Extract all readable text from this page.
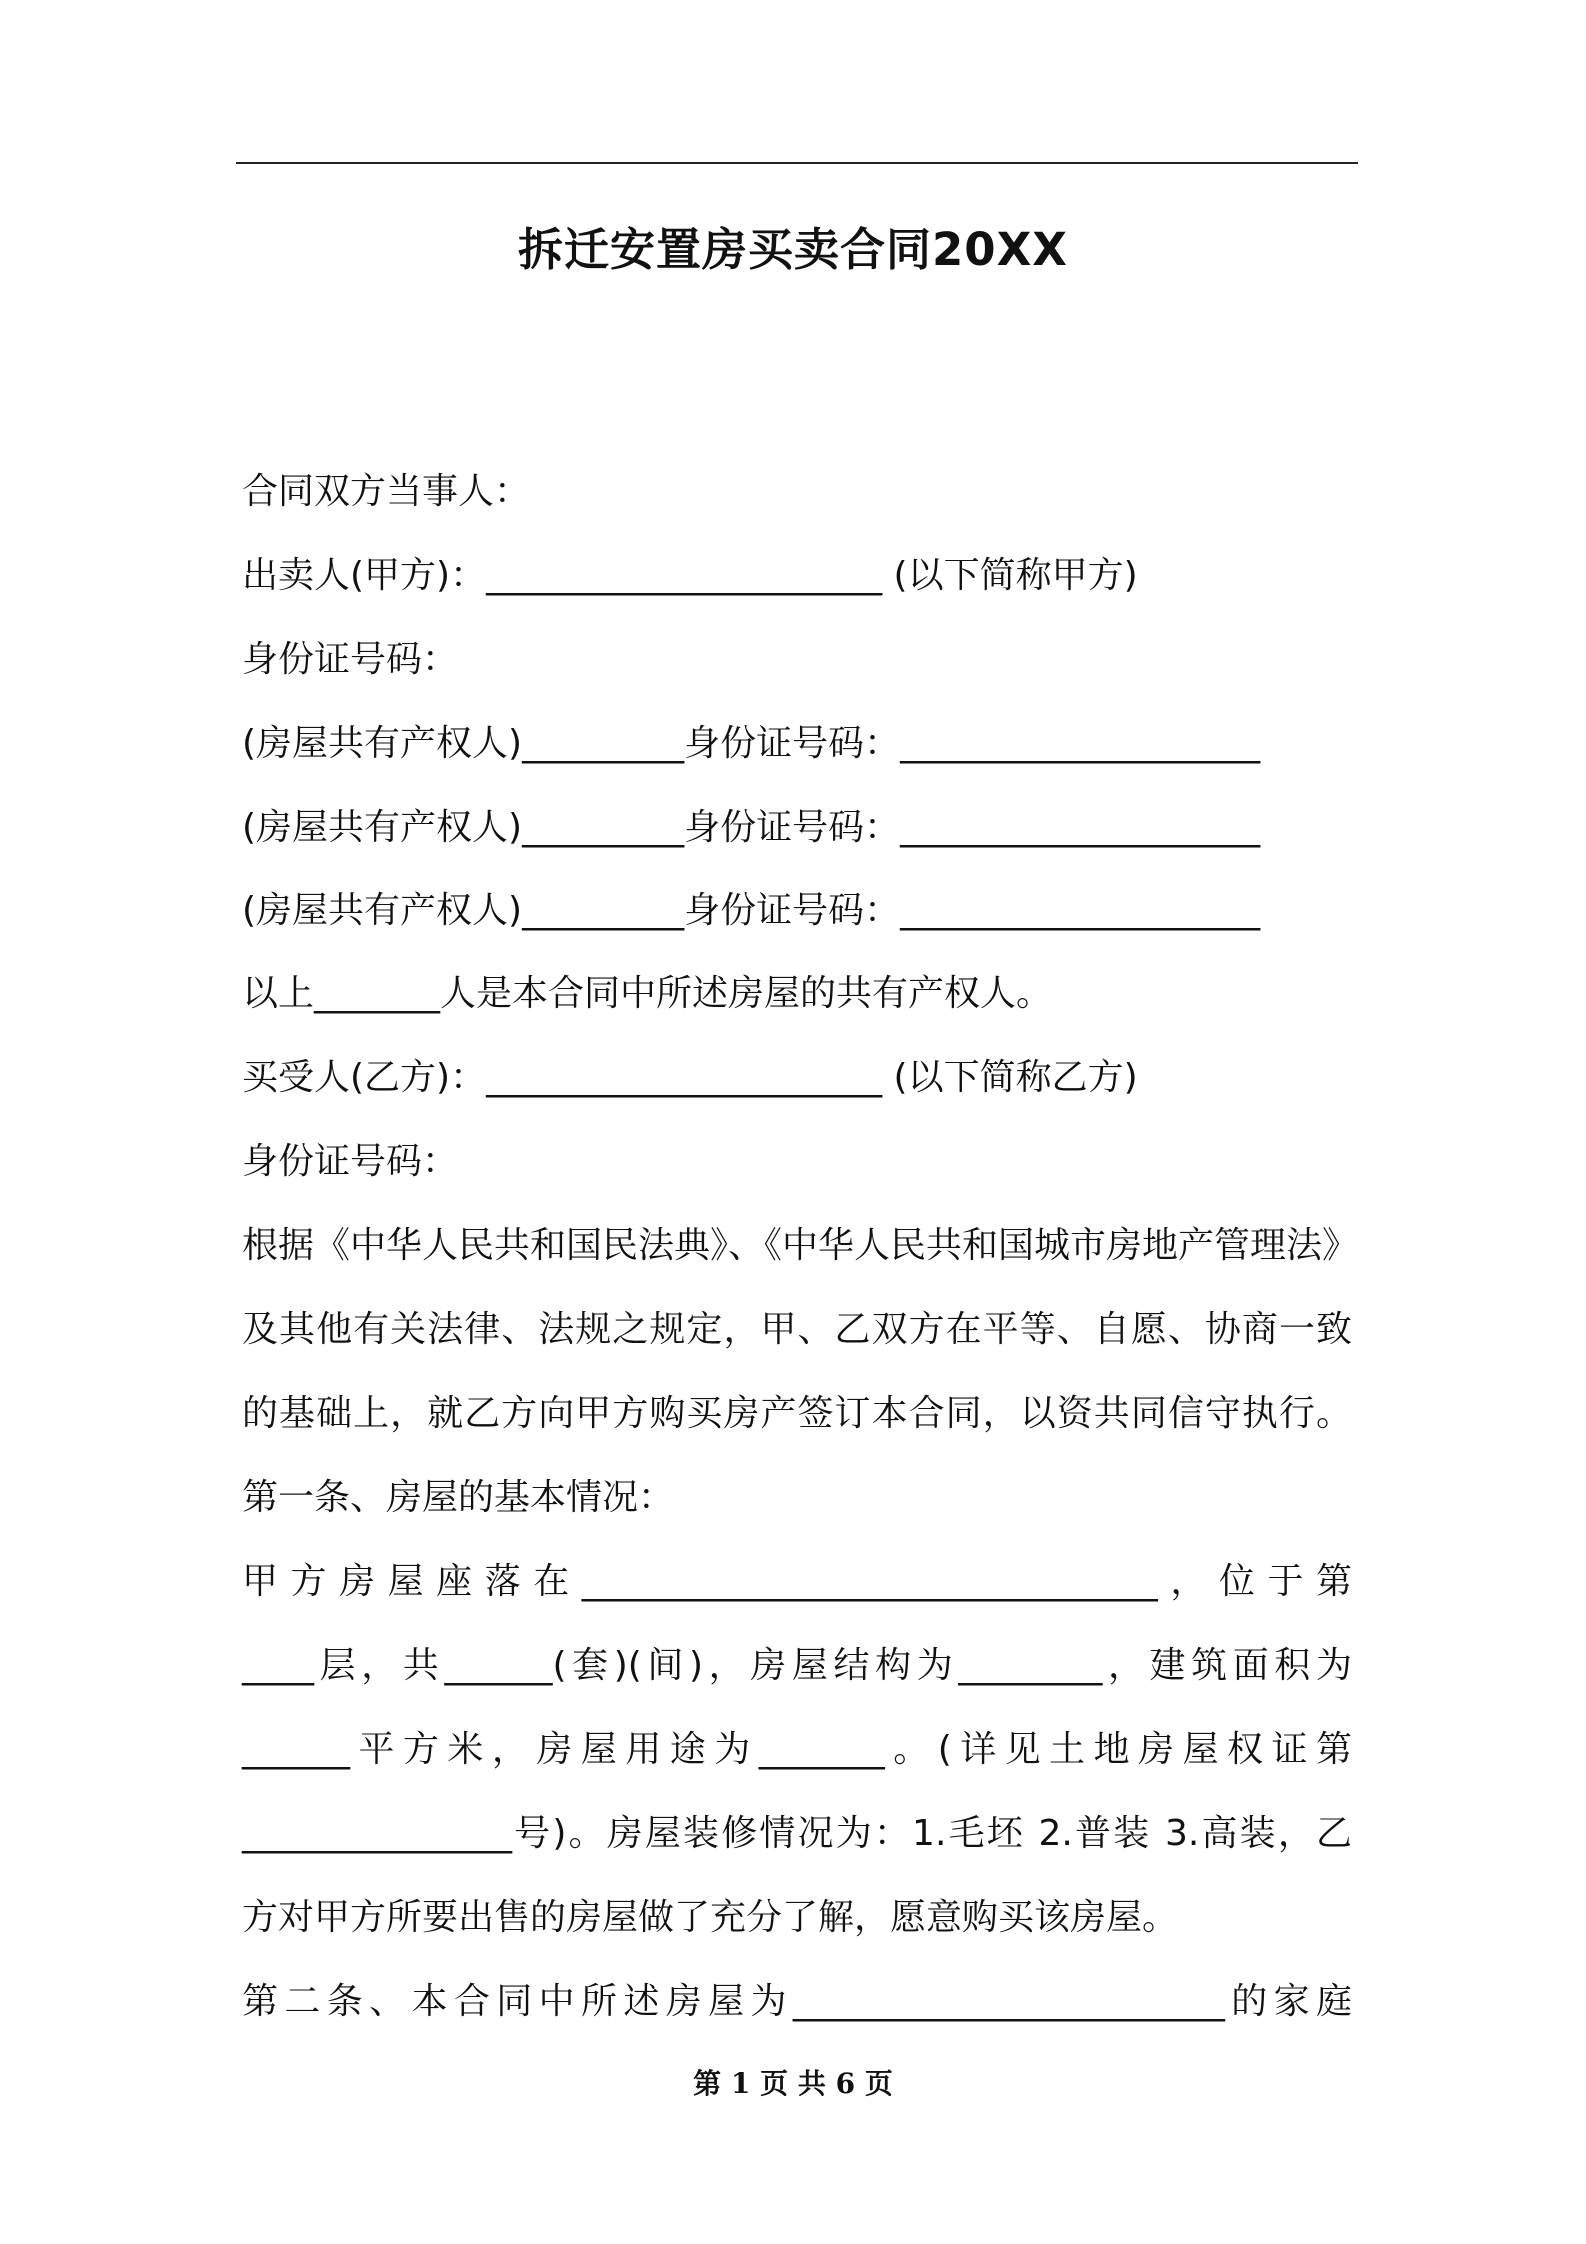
拆迁安置房买卖合同20XX
合同双方当事人：
出卖人(甲方)：______________________ (以下简称甲方)
身份证号码：
(房屋共有产权人)_________身份证号码：____________________
(房屋共有产权人)_________身份证号码：____________________
(房屋共有产权人)_________身份证号码：____________________
以上_______人是本合同中所述房屋的共有产权人。
买受人(乙方)：______________________ (以下简称乙方)
身份证号码：
根据《中华人民共和国民法典》、《中华人民共和国城市房地产管理法》
及其他有关法律、法规之规定，甲、乙双方在平等、自愿、协商一致
的基础上，就乙方向甲方购买房产签订本合同，以资共同信守执行。
第一条、房屋的基本情况：
甲方房屋座落在________________________________，位于第
____层，共______(套)(间)，房屋结构为________，建筑面积为
______平方米，房屋用途为_______。(详见土地房屋权证第
_______________号)。房屋装修情况为：1.毛坯 2.普装 3.高装，乙
方对甲方所要出售的房屋做了充分了解，愿意购买该房屋。
第二条、本合同中所述房屋为________________________的家庭
第 1 页 共 6 页
